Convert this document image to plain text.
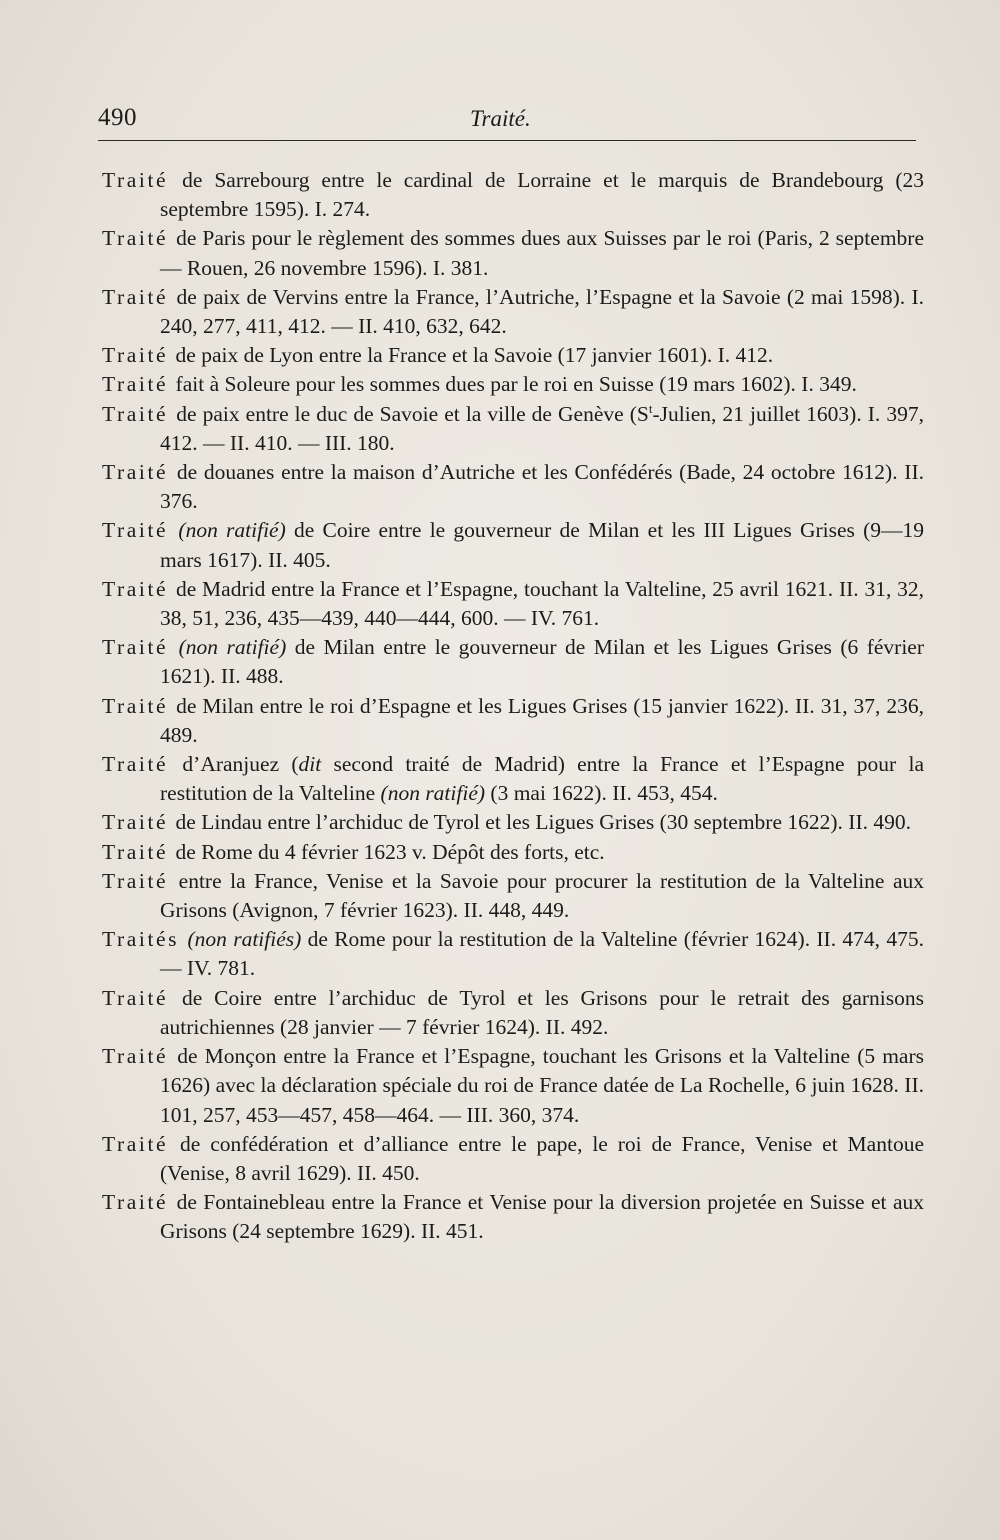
490	Traité.

Traité de Sarrebourg entre le cardinal de Lorraine et le marquis de Brandebourg (23 septembre 1595). I. 274.

Traité de Paris pour le règlement des sommes dues aux Suisses par le roi (Paris, 2 septembre — Rouen, 26 novembre 1596). I. 381.

Traité de paix de Vervins entre la France, l’Autriche, l’Espagne et la Savoie (2 mai 1598). I. 240, 277, 411, 412. — II. 410, 632, 642.

Traité de paix de Lyon entre la France et la Savoie (17 janvier 1601). I. 412.

Traité fait à Soleure pour les sommes dues par le roi en Suisse (19 mars 1602). I. 349.

Traité de paix entre le duc de Savoie et la ville de Genève ($S^t$-Julien, 21 juillet 1603). I. 397, 412. — II. 410. — III. 180.

Traité de douanes entre la maison d’Autriche et les Confédérés (Bade, 24 octobre 1612). II. 376.

Traité (non ratifié) de Coire entre le gouverneur de Milan et les III Ligues Grises (9—19 mars 1617). II. 405.

Traité de Madrid entre la France et l’Espagne, touchant la Valteline, 25 avril 1621. II. 31, 32, 38, 51, 236, 435—439, 440—444, 600. — IV. 761.

Traité (non ratifié) de Milan entre le gouverneur de Milan et les Ligues Grises (6 février 1621). II. 488.

Traité de Milan entre le roi d’Espagne et les Ligues Grises (15 janvier 1622). II. 31, 37, 236, 489.

Traité d’Aranjuez (dit second traité de Madrid) entre la France et l’Espagne pour la restitution de la Valteline (non ratifié) (3 mai 1622). II. 453, 454.

Traité de Lindau entre l’archiduc de Tyrol et les Ligues Grises (30 septembre 1622). II. 490.

Traité de Rome du 4 février 1623 v. Dépôt des forts, etc.

Traité entre la France, Venise et la Savoie pour procurer la restitution de la Valteline aux Grisons (Avignon, 7 février 1623). II. 448, 449.

Traités (non ratifiés) de Rome pour la restitution de la Valteline (février 1624). II. 474, 475. — IV. 781.

Traité de Coire entre l’archiduc de Tyrol et les Grisons pour le retrait des garnisons autrichiennes (28 janvier — 7 février 1624). II. 492.

Traité de Monçon entre la France et l’Espagne, touchant les Grisons et la Valteline (5 mars 1626) avec la déclaration spéciale du roi de France datée de La Rochelle, 6 juin 1628. II. 101, 257, 453—457, 458—464. — III. 360, 374.

Traité de confédération et d’alliance entre le pape, le roi de France, Venise et Mantoue (Venise, 8 avril 1629). II. 450.

Traité de Fontainebleau entre la France et Venise pour la diversion projetée en Suisse et aux Grisons (24 septembre 1629). II. 451.
